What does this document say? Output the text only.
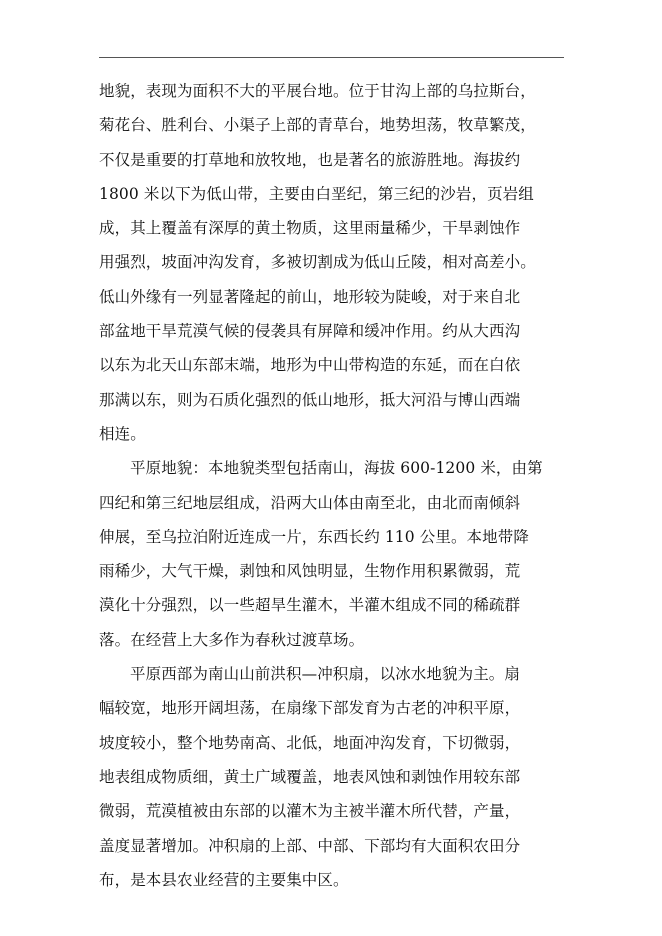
地貌，表现为面积不大的平展台地。位于甘沟上部的乌拉斯台，
菊花台、胜利台、小渠子上部的青草台，地势坦荡，牧草繁茂，
不仅是重要的打草地和放牧地，也是著名的旅游胜地。海拔约
1800 米以下为低山带，主要由白垩纪，第三纪的沙岩，页岩组
成，其上覆盖有深厚的黄土物质，这里雨量稀少，干旱剥蚀作
用强烈，坡面冲沟发育，多被切割成为低山丘陵，相对高差小。
低山外缘有一列显著隆起的前山，地形较为陡峻，对于来自北
部盆地干旱荒漠气候的侵袭具有屏障和缓冲作用。约从大西沟
以东为北天山东部末端，地形为中山带构造的东延，而在白依
那满以东，则为石质化强烈的低山地形，抵大河沿与博山西端
相连。
平原地貌：本地貌类型包括南山，海拔 600-1200 米，由第
四纪和第三纪地层组成，沿两大山体由南至北，由北而南倾斜
伸展，至乌拉泊附近连成一片，东西长约 110 公里。本地带降
雨稀少，大气干燥，剥蚀和风蚀明显，生物作用积累微弱，荒
漠化十分强烈，以一些超旱生灌木，半灌木组成不同的稀疏群
落。在经营上大多作为春秋过渡草场。
平原西部为南山山前洪积—冲积扇，以冰水地貌为主。扇
幅较宽，地形开阔坦荡，在扇缘下部发育为古老的冲积平原，
坡度较小，整个地势南高、北低，地面冲沟发育，下切微弱，
地表组成物质细，黄土广域覆盖，地表风蚀和剥蚀作用较东部
微弱，荒漠植被由东部的以灌木为主被半灌木所代替，产量，
盖度显著增加。冲积扇的上部、中部、下部均有大面积农田分
布，是本县农业经营的主要集中区。
